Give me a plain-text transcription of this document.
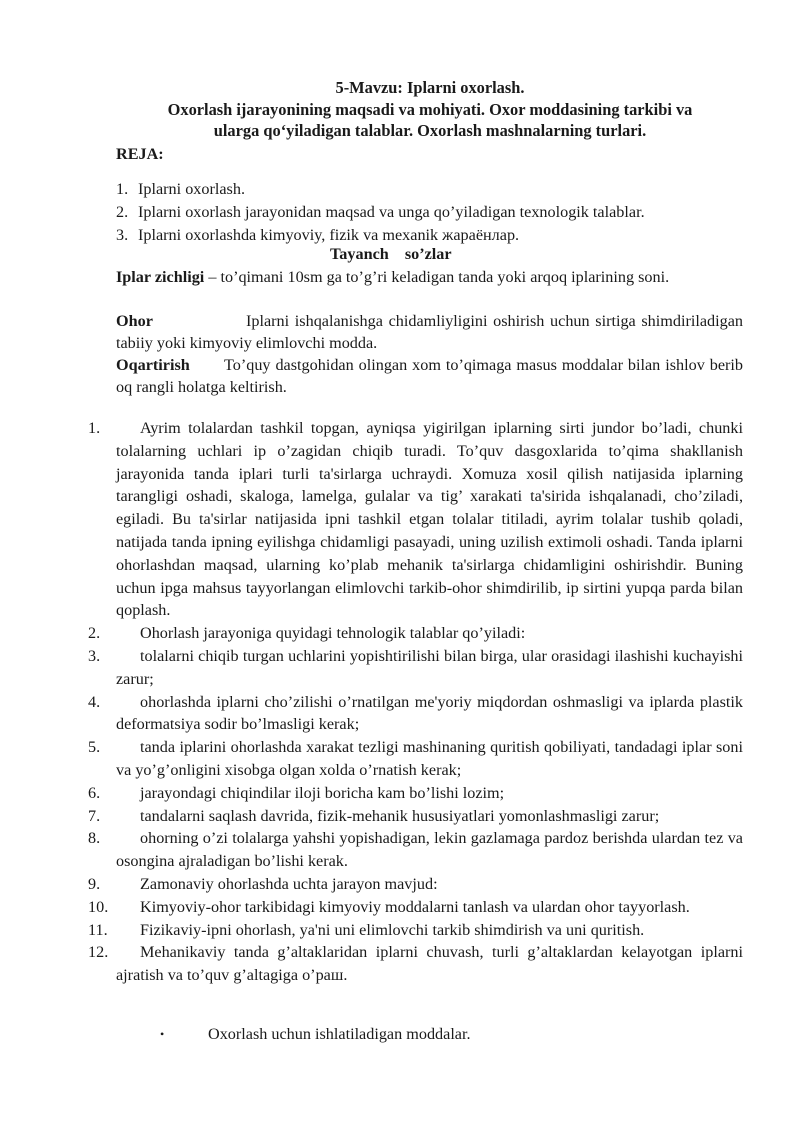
5-Mavzu: Iplarni oxorlash.
Oxorlash ijarayonining maqsadi va mohiyati. Oxor moddasining tarkibi va
ularga qo‘yiladigan talablar. Oxorlash mashnalarning turlari.
REJA:
1. Iplarni oxorlash.
2. Iplarni oxorlash jarayonidan maqsad va unga qo’yiladigan texnologik talablar.
3. Iplarni oxorlashda kimyoviy, fizik va mexanik жараёнлар.
Tayanch so’zlar
Iplar zichligi – to’qimani 10sm ga to’g’ri keladigan tanda yoki arqoq iplarining soni.
Ohor	Iplarni ishqalanishga chidamliyligini oshirish uchun sirtiga shimdiriladigan tabiiy yoki kimyoviy elimlovchi modda.
Oqartirish To’quy dastgohidan olingan xom to’qimaga masus moddalar bilan ishlov berib oq rangli holatga keltirish.
1.	Ayrim tolalardan tashkil topgan, ayniqsa yigirilgan iplarning sirti jundor bo’ladi, chunki tolalarning uchlari ip o’zagidan chiqib turadi. To’quv dasgoxlarida to’qima shakllanish jarayonida tanda iplari turli ta'sirlarga uchraydi. Xomuza xosil qilish natijasida iplarning tarangligi oshadi, skaloga, lamelga, gulalar va tig’ xarakati ta'sirida ishqalanadi, cho’ziladi, egiladi. Bu ta'sirlar natijasida ipni tashkil etgan tolalar titiladi, ayrim tolalar tushib qoladi, natijada tanda ipning eyilishga chidamligi pasayadi, uning uzilish extimoli oshadi. Tanda iplarni ohorlashdan maqsad, ularning ko’plab mehanik ta'sirlarga chidamligini oshirishdir. Buning uchun ipga mahsus tayyorlangan elimlovchi tarkib-ohor shimdirilib, ip sirtini yupqa parda bilan qoplash.
2.	Ohorlash jarayoniga quyidagi tehnologik talablar qo’yiladi:
3.	tolalarni chiqib turgan uchlarini yopishtirilishi bilan birga, ular orasidagi ilashishi kuchayishi zarur;
4.	ohorlashda iplarni cho’zilishi o’rnatilgan me'yoriy miqdordan oshmasligi va iplarda plastik deformatsiya sodir bo’lmasligi kerak;
5.	tanda iplarini ohorlashda xarakat tezligi mashinaning quritish qobiliyati, tandadagi iplar soni va yo’g’onligini xisobga olgan xolda o’rnatish kerak;
6.	jarayondagi chiqindilar iloji boricha kam bo’lishi lozim;
7.	tandalarni saqlash davrida, fizik-mehanik hususiyatlari yomonlashmasligi zarur;
8.	ohorning o’zi tolalarga yahshi yopishadigan, lekin gazlamaga pardoz berishda ulardan tez va osongina ajraladigan bo’lishi kerak.
9.	Zamonaviy ohorlashda uchta jarayon mavjud:
10.	Kimyoviy-ohor tarkibidagi kimyoviy moddalarni tanlash va ulardan ohor tayyorlash.
11.	Fizikaviy-ipni ohorlash, ya'ni uni elimlovchi tarkib shimdirish va uni quritish.
12.	Mehanikaviy tanda g’altaklaridan iplarni chuvash, turli g’altaklardan kelayotgan iplarni ajratish va to’quv g’altagiga o’раш.
•	Oxorlash uchun ishlatiladigan moddalar.
